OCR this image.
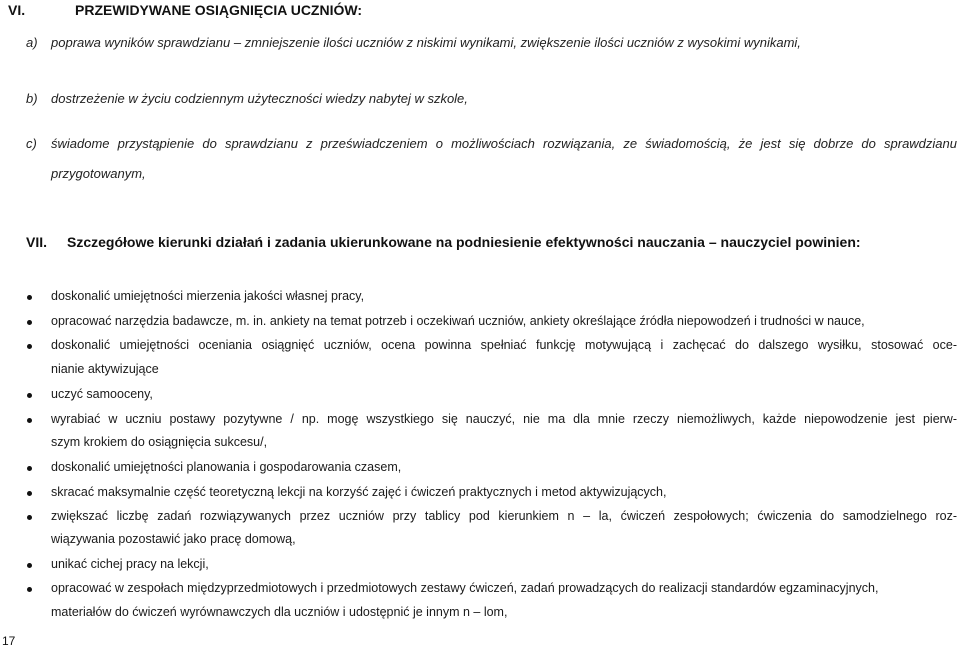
VI.	PRZEWIDYWANE OSIĄGNIĘCIA UCZNIÓW:
a) poprawa wyników sprawdzianu – zmniejszenie ilości uczniów z niskimi wynikami, zwiększenie ilości uczniów z wysokimi wynikami,
b) dostrzeżenie w życiu codziennym użyteczności wiedzy nabytej w szkole,
c) świadome przystąpienie do sprawdzianu z przeświadczeniem o możliwościach rozwiązania, ze świadomością, że jest się dobrze do sprawdzianu
przygotowanym,
VII. Szczegółowe kierunki działań i zadania ukierunkowane na podniesienie efektywności nauczania – nauczyciel powinien:
doskonalić umiejętności mierzenia jakości własnej pracy,
opracować narzędzia badawcze, m. in. ankiety na temat potrzeb i oczekiwań uczniów, ankiety określające źródła niepowodzeń i trudności w nauce,
doskonalić umiejętności oceniania osiągnięć uczniów, ocena powinna spełniać funkcję motywującą i zachęcać do dalszego wysiłku, stosować oce-
nianie aktywizujące
uczyć samooceny,
wyrabiać w uczniu postawy pozytywne / np. mogę wszystkiego się nauczyć, nie ma dla mnie rzeczy niemożliwych, każde niepowodzenie jest pierw-
szym krokiem do osiągnięcia sukcesu/,
doskonalić umiejętności planowania i gospodarowania czasem,
skracać maksymalnie część teoretyczną lekcji na korzyść zajęć i ćwiczeń praktycznych i metod aktywizujących,
zwiększać liczbę zadań rozwiązywanych przez uczniów przy tablicy pod kierunkiem n – la, ćwiczeń zespołowych; ćwiczenia do samodzielnego roz-
wiązywania pozostawić jako pracę domową,
unikać cichej pracy na lekcji,
opracować w zespołach międzyprzedmiotowych i przedmiotowych zestawy ćwiczeń, zadań prowadzących do realizacji standardów egzaminacyjnych,
materiałów do ćwiczeń wyrównawczych dla uczniów i udostępnić je innym n – lom,
17
